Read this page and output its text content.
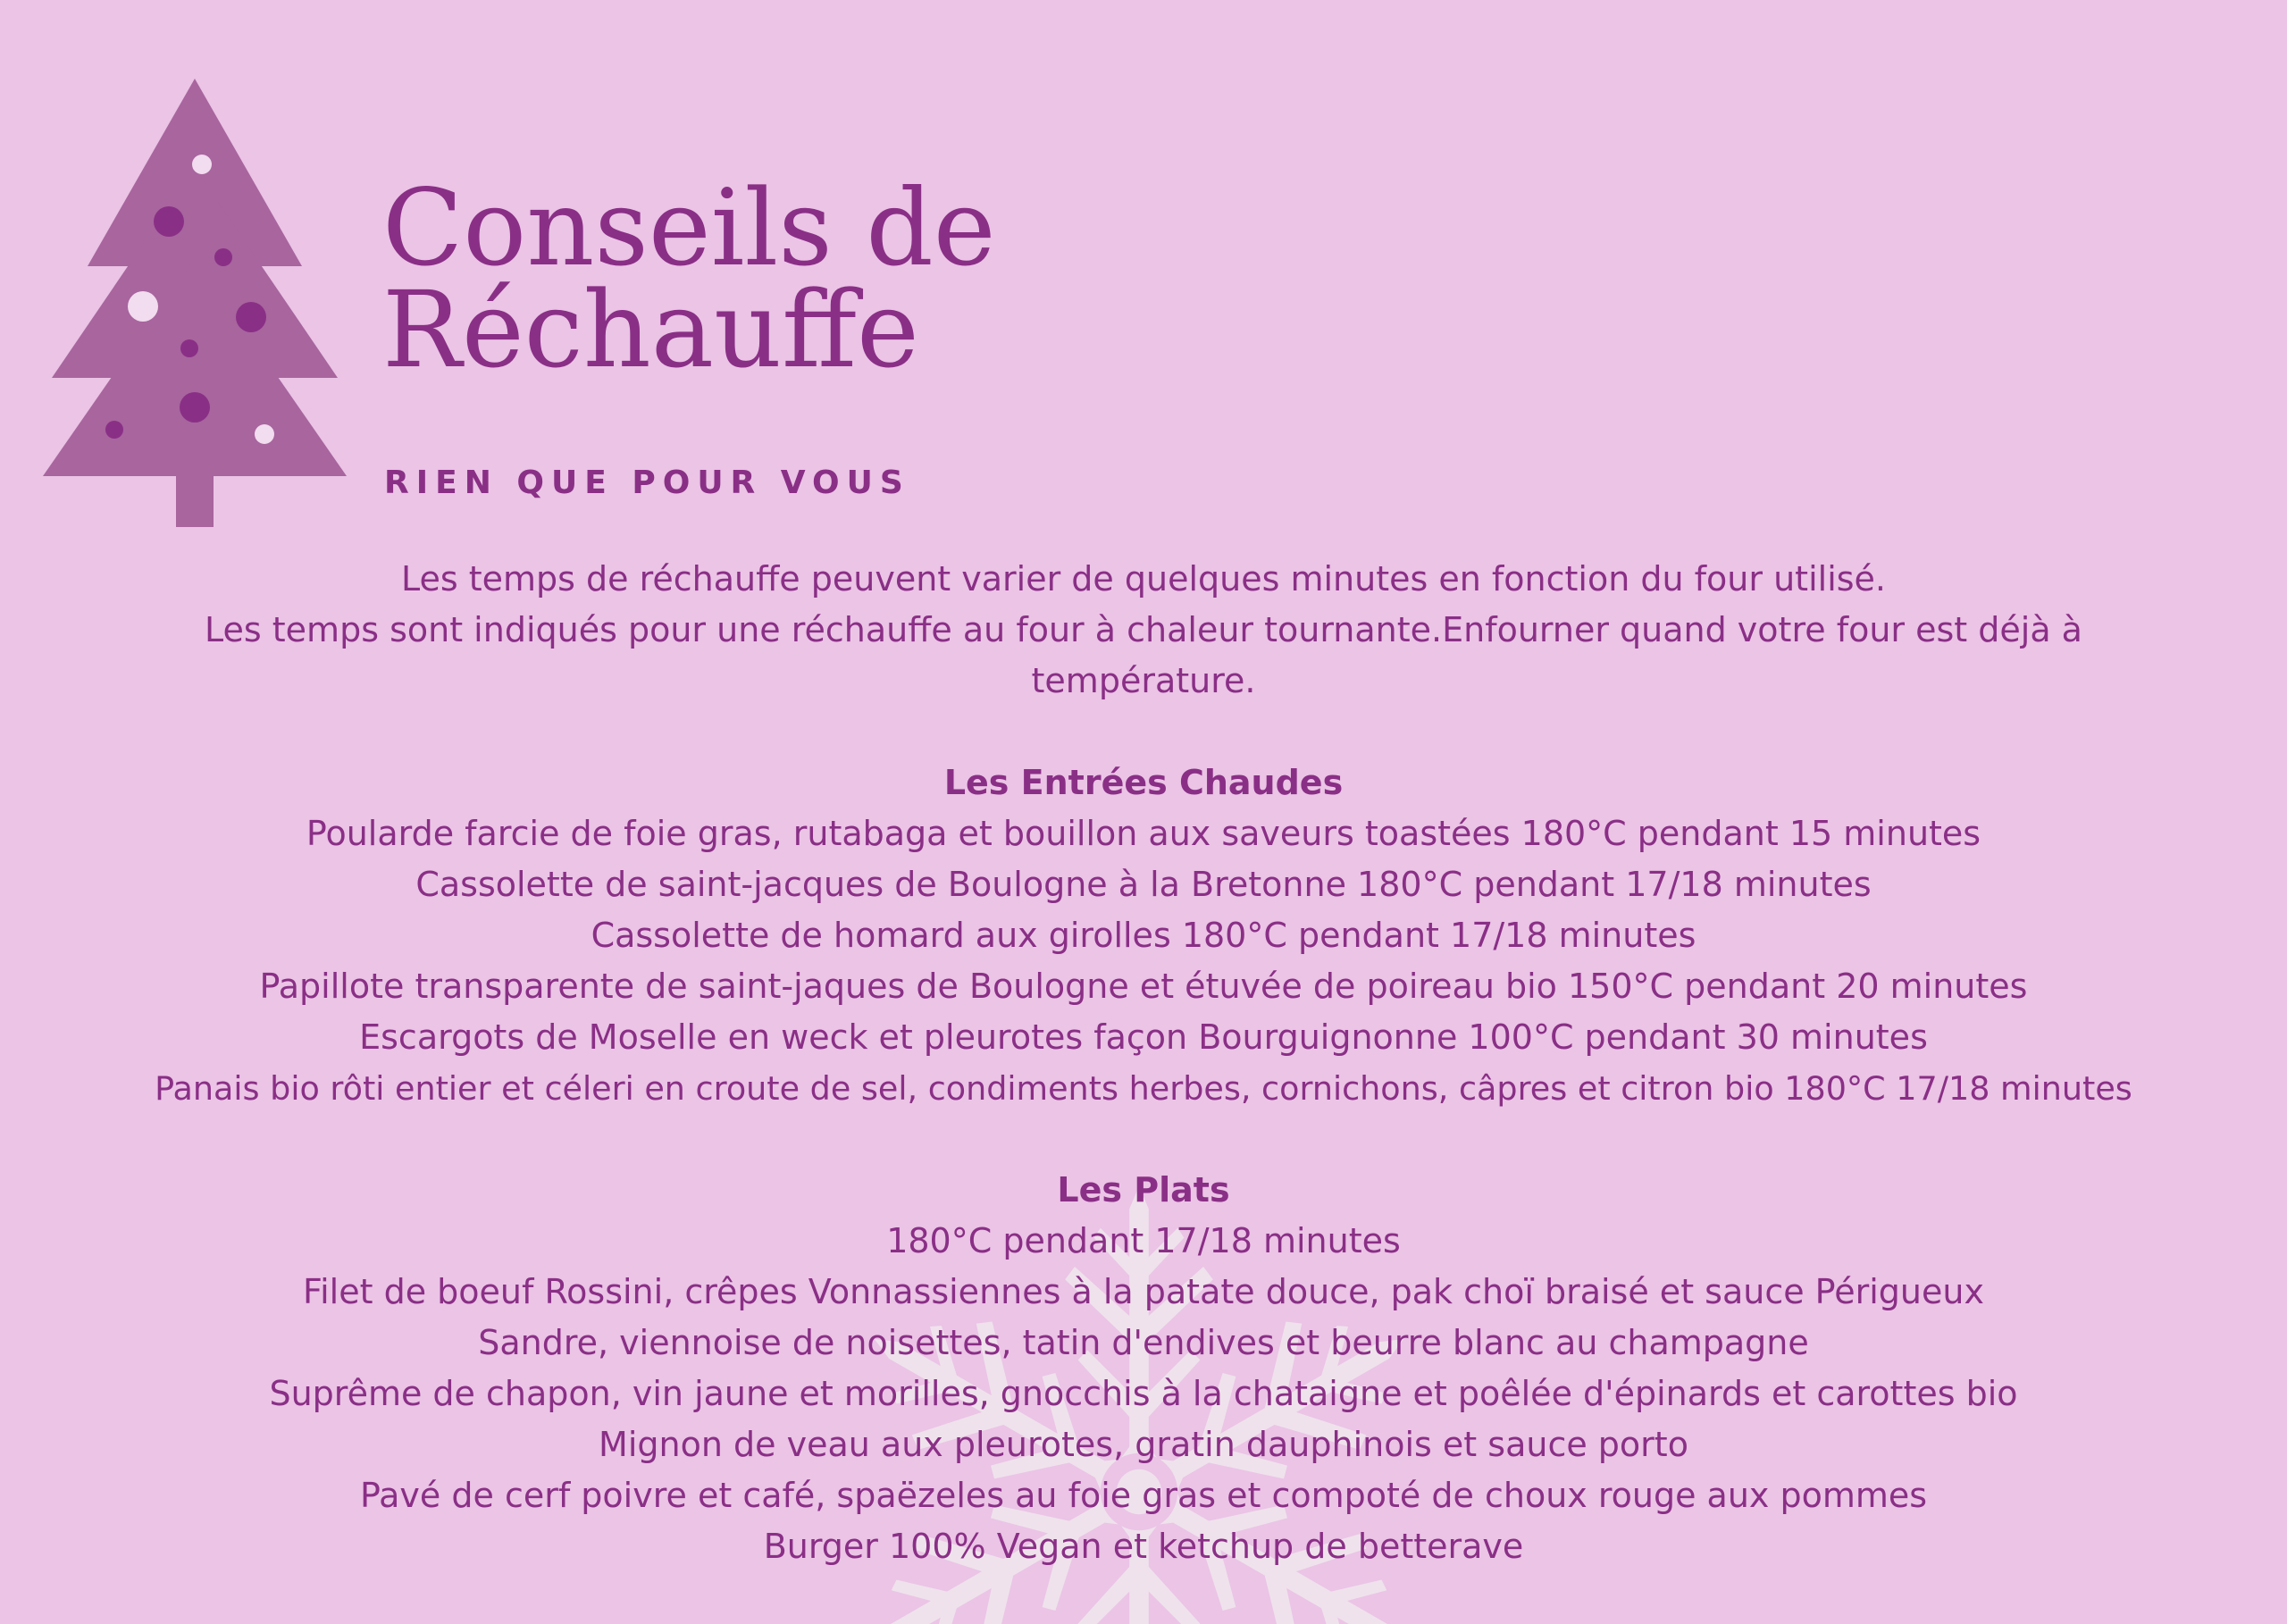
Conseils de
Réchauffe

RIEN QUE POUR VOUS

Les temps de réchauffe peuvent varier de quelques minutes en fonction du four utilisé.

Les temps sont indiqués pour une réchauffe au four à chaleur tournante.Enfourner quand votre four est déjà à température.

Les Entrées Chaudes

Poularde farcie de foie gras, rutabaga et bouillon aux saveurs toastées 180°C pendant 15 minutes

Cassolette de saint-jacques de Boulogne à la Bretonne 180°C pendant 17/18 minutes

Cassolette de homard aux girolles 180°C pendant 17/18 minutes

Papillote transparente de saint-jaques de Boulogne et étuvée de poireau bio 150°C pendant 20 minutes

Escargots de Moselle en weck et pleurotes façon Bourguignonne 100°C pendant 30 minutes

Panais bio rôti entier et céleri en croute de sel, condiments herbes, cornichons, câpres et citron bio 180°C 17/18 minutes

Les Plats

180°C pendant 17/18 minutes

Filet de boeuf Rossini, crêpes Vonnassiennes à la patate douce, pak choï braisé et sauce Périgueux

Sandre, viennoise de noisettes, tatin d'endives et beurre blanc au champagne

Suprême de chapon, vin jaune et morilles, gnocchis à la chataigne et poêlée d'épinards et carottes bio

Mignon de veau aux pleurotes, gratin dauphinois et sauce porto

Pavé de cerf poivre et café, spaëzeles au foie gras et compoté de choux rouge aux pommes

Burger 100% Vegan et ketchup de betterave
